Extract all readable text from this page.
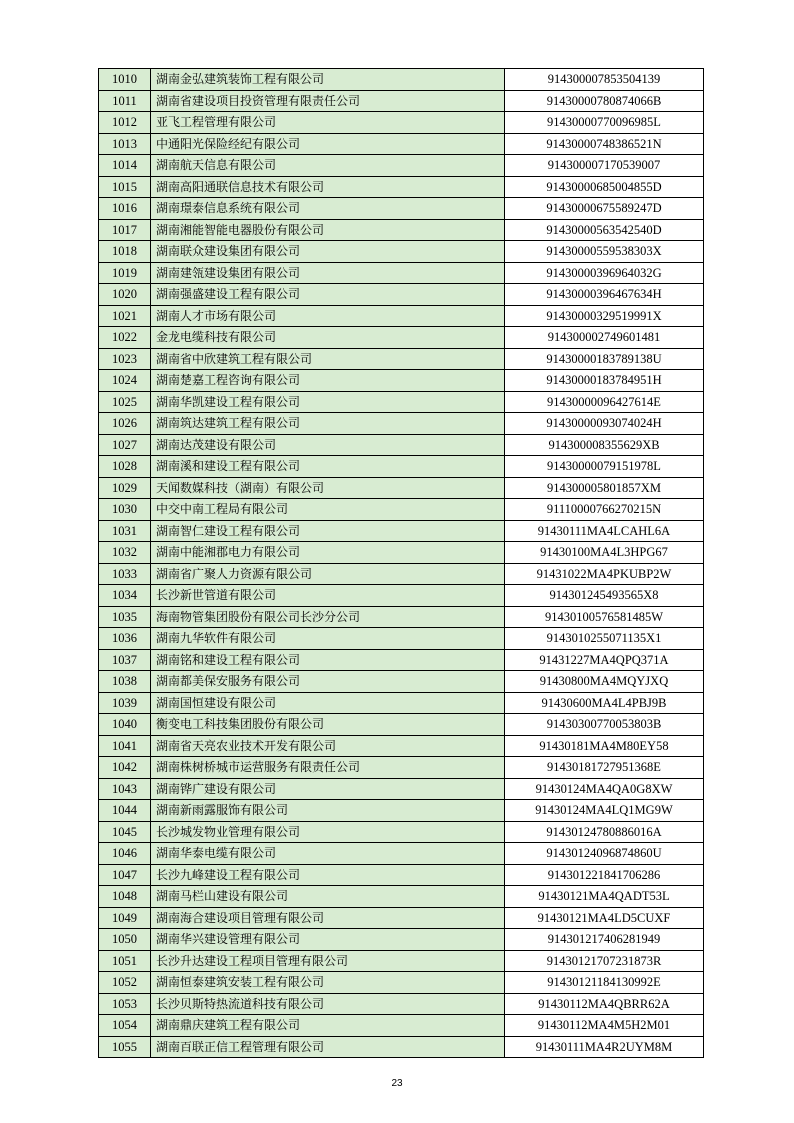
1010	湖南金弘建筑装饰工程有限公司	914300007853504139
1011	湖南省建设项目投资管理有限责任公司	91430000780874066B
1012	亚飞工程管理有限公司	91430000770096985L
1013	中通阳光保险经纪有限公司	91430000748386521N
1014	湖南航天信息有限公司	914300007170539007
1015	湖南高阳通联信息技术有限公司	91430000685004855D
1016	湖南璟泰信息系统有限公司	91430000675589247D
1017	湖南湘能智能电器股份有限公司	91430000563542540D
1018	湖南联众建设集团有限公司	91430000559538303X
1019	湖南建瓴建设集团有限公司	91430000396964032G
1020	湖南强盛建设工程有限公司	91430000396467634H
1021	湖南人才市场有限公司	91430000329519991X
1022	金龙电缆科技有限公司	914300002749601481
1023	湖南省中欣建筑工程有限公司	91430000183789138U
1024	湖南楚嘉工程咨询有限公司	91430000183784951H
1025	湖南华凯建设工程有限公司	91430000096427614E
1026	湖南筑达建筑工程有限公司	91430000093074024H
1027	湖南达茂建设有限公司	914300008355629XB
1028	湖南溪和建设工程有限公司	91430000079151978L
1029	天闻数媒科技（湖南）有限公司	914300005801857XM
1030	中交中南工程局有限公司	91110000766270215N
1031	湖南智仁建设工程有限公司	91430111MA4LCAHL6A
1032	湖南中能湘郡电力有限公司	91430100MA4L3HPG67
1033	湖南省广聚人力资源有限公司	91431022MA4PKUBP2W
1034	长沙新世管道有限公司	914301245493565X8
1035	海南物管集团股份有限公司长沙分公司	91430100576581485W
1036	湖南九华软件有限公司	9143010255071135X1
1037	湖南铭和建设工程有限公司	91431227MA4QPQ371A
1038	湖南都美保安服务有限公司	91430800MA4MQYJXQ
1039	湖南国恒建设有限公司	91430600MA4L4PBJ9B
1040	衡变电工科技集团股份有限公司	91430300770053803B
1041	湖南省天亮农业技术开发有限公司	91430181MA4M80EY58
1042	湖南株树桥城市运营服务有限责任公司	91430181727951368E
1043	湖南铧广建设有限公司	91430124MA4QA0G8XW
1044	湖南新雨露服饰有限公司	91430124MA4LQ1MG9W
1045	长沙城发物业管理有限公司	91430124780886016A
1046	湖南华泰电缆有限公司	91430124096874860U
1047	长沙九峰建设工程有限公司	914301221841706286
1048	湖南马栏山建设有限公司	91430121MA4QADT53L
1049	湖南海合建设项目管理有限公司	91430121MA4LD5CUXF
1050	湖南华兴建设管理有限公司	914301217406281949
1051	长沙升达建设工程项目管理有限公司	91430121707231873R
1052	湖南恒泰建筑安装工程有限公司	91430121184130992E
1053	长沙贝斯特热流道科技有限公司	91430112MA4QBRR62A
1054	湖南鼎庆建筑工程有限公司	91430112MA4M5H2M01
1055	湖南百联正信工程管理有限公司	91430111MA4R2UYM8M
23
